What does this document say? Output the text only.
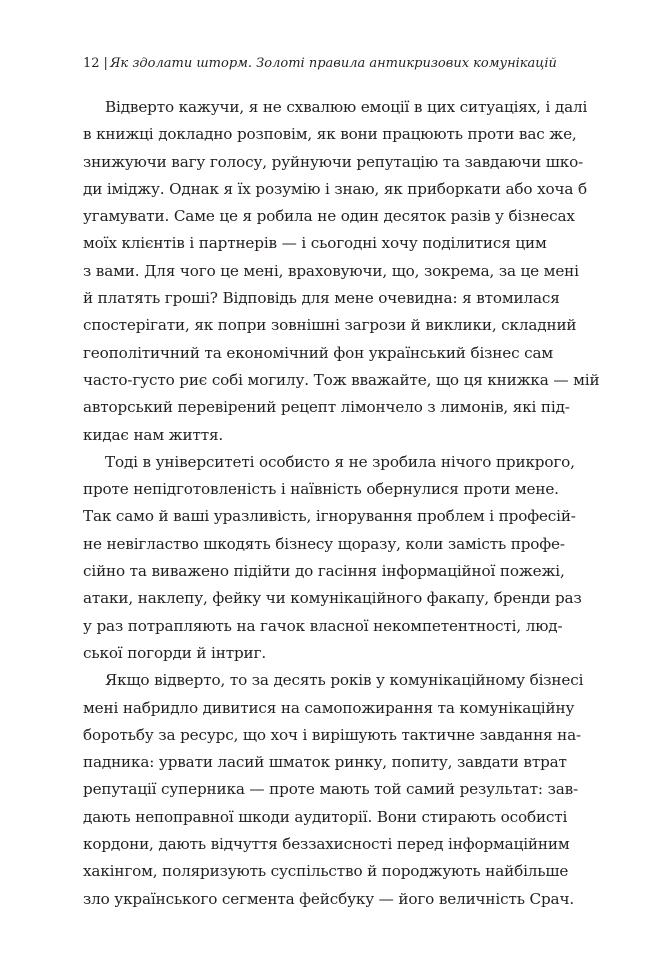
12 | Як здолати шторм. Золоті правила антикризових комунікацій
Відверто кажучи, я не схвалюю емоції в цих ситуаціях, і далі
в книжці докладно розповім, як вони працюють проти вас же,
знижуючи вагу голосу, руйнуючи репутацію та завдаючи шко-
ди іміджу. Однак я їх розумію і знаю, як приборкати або хоча б
угамувати. Саме це я робила не один десяток разів у бізнесах
моїх клієнтів і партнерів — і сьогодні хочу поділитися цим
з вами. Для чого це мені, враховуючи, що, зокрема, за це мені
й платять гроші? Відповідь для мене очевидна: я втомилася
спостерігати, як попри зовнішні загрози й виклики, складний
геополітичний та економічний фон український бізнес сам
часто-густо риє собі могилу. Тож вважайте, що ця книжка — мій
авторський перевірений рецепт лімончело з лимонів, які під-
кидає нам життя.
Тоді в університеті особисто я не зробила нічого прикрого,
проте непідготовленість і наївність обернулися проти мене.
Так само й ваші уразливість, ігнорування проблем і професій-
не невігластво шкодять бізнесу щоразу, коли замість профе-
сійно та виважено підійти до гасіння інформаційної пожежі,
атаки, наклепу, фейку чи комунікаційного факапу, бренди раз
у раз потрапляють на гачок власної некомпетентності, люд-
ської погорди й інтриг.
Якщо відверто, то за десять років у комунікаційному бізнесі
мені набридло дивитися на самопожирання та комунікаційну
боротьбу за ресурс, що хоч і вирішують тактичне завдання на-
падника: урвати ласий шматок ринку, попиту, завдати втрат
репутації суперника — проте мають той самий результат: зав-
дають непоправної шкоди аудиторії. Вони стирають особисті
кордони, дають відчуття беззахисності перед інформаційним
хакінгом, поляризують суспільство й породжують найбільше
зло українського сегмента фейсбуку — його величність Срач.
